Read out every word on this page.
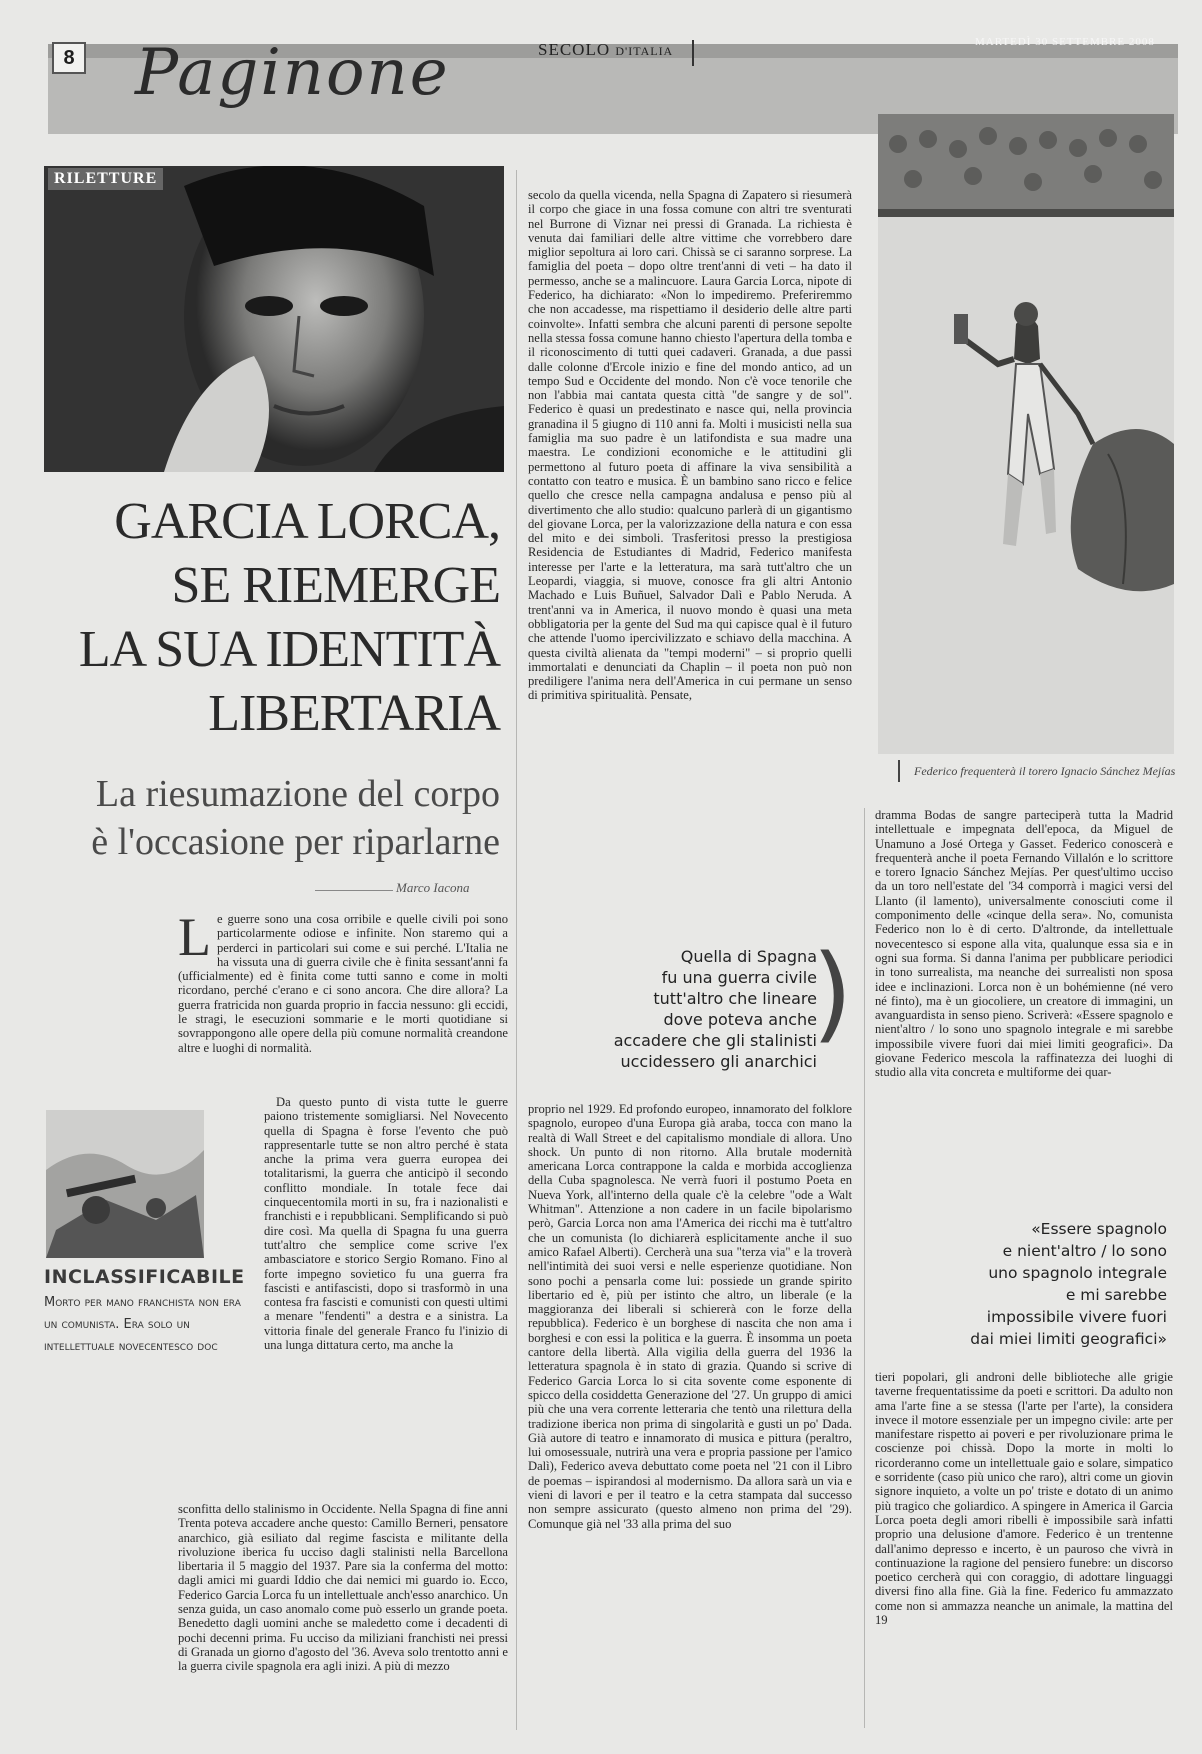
8 Paginone	SECOLO D'ITALIA
MARTEDÌ 30 SETTEMBRE 2008
RILETTURE
GARCIA LORCA,
SE RIEMERGE
LA SUA IDENTITÀ
LIBERTARIA
La riesumazione del corpo
è l'occasione per riparlarne
Marco Iacona

Le guerre sono una cosa orribile e quelle civili poi sono particolarmente odiose e infinite. Non staremo qui a perderci in particolari sui come e sui perché. L'Italia ne ha vissuta una di guerra civile che è finita sessant'anni fa (ufficialmente) ed è finita come tutti sanno e come in molti ricordano, perché c'erano e ci sono ancora. Che dire allora? La guerra fratricida non guarda proprio in faccia nessuno: gli eccidi, le stragi, le esecuzioni sommarie e le morti quotidiane si sovrappongono alle opere della più comune normalità creandone altre e luoghi di normalità.

Da questo punto di vista tutte le guerre paiono tristemente somigliarsi. Nel Novecento quella di Spagna è forse l'evento che può rappresentarle tutte se non altro perché è stata anche la prima vera guerra europea dei totalitarismi, la guerra che anticipò il secondo conflitto mondiale. In totale fece dai cinquecentomila morti in su, fra i nazionalisti e franchisti e i repubblicani. Semplificando si può dire così. Ma quella di Spagna fu una guerra tutt'altro che semplice come scrive l'ex ambasciatore e storico Sergio Romano. Fino al forte impegno sovietico fu una guerra fra fascisti e antifascisti, dopo si trasformò in una contesa fra fascisti e comunisti con questi ultimi a menare "fendenti" a destra e a sinistra. La vittoria finale del generale Franco fu l'inizio di una lunga dittatura certo, ma anche la

sconfitta dello stalinismo in Occidente. Nella Spagna di fine anni Trenta poteva accadere anche questo: Camillo Berneri, pensatore anarchico, già esiliato dal regime fascista e militante della rivoluzione iberica fu ucciso dagli stalinisti nella Barcellona libertaria il 5 maggio del 1937. Pare sia la conferma del motto: dagli amici mi guardi Iddio che dai nemici mi guardo io. Ecco, Federico Garcia Lorca fu un intellettuale anch'esso anarchico. Un senza guida, un caso anomalo come può esserlo un grande poeta. Benedetto dagli uomini anche se maledetto come i decadenti di pochi decenni prima. Fu ucciso da miliziani franchisti nei pressi di Granada un giorno d'agosto del '36. Aveva solo trentotto anni e la guerra civile spagnola era agli inizi. A più di mezzo

INCLASSIFICABILE
Morto per mano franchista non era un comunista. Era solo un intellettuale novecentesco doc

secolo da quella vicenda, nella Spagna di Zapatero si riesumerà il corpo che giace in una fossa comune con altri tre sventurati nel Burrone di Viznar nei pressi di Granada. La richiesta è venuta dai familiari delle altre vittime che vorrebbero dare miglior sepoltura ai loro cari. Chissà se ci saranno sorprese. La famiglia del poeta – dopo oltre trent'anni di veti – ha dato il permesso, anche se a malincuore. Laura Garcia Lorca, nipote di Federico, ha dichiarato: «Non lo impediremo. Preferiremmo che non accadesse, ma rispettiamo il desiderio delle altre parti coinvolte». Infatti sembra che alcuni parenti di persone sepolte nella stessa fossa comune hanno chiesto l'apertura della tomba e il riconoscimento di tutti quei cadaveri. Granada, a due passi dalle colonne d'Ercole inizio e fine del mondo antico, ad un tempo Sud e Occidente del mondo. Non c'è voce tenorile che non l'abbia mai cantata questa città "de sangre y de sol". Federico è quasi un predestinato e nasce qui, nella provincia granadina il 5 giugno di 110 anni fa. Molti i musicisti nella sua famiglia ma suo padre è un latifondista e sua madre una maestra. Le condizioni economiche e le attitudini gli permettono al futuro poeta di affinare la viva sensibilità a contatto con teatro e musica. È un bambino sano ricco e felice quello che cresce nella campagna andalusa e penso più al divertimento che allo studio: qualcuno parlerà di un gigantismo del giovane Lorca, per la valorizzazione della natura e con essa del mito e dei simboli. Trasferitosi presso la prestigiosa Residencia de Estudiantes di Madrid, Federico manifesta interesse per l'arte e la letteratura, ma sarà tutt'altro che un Leopardi, viaggia, si muove, conosce fra gli altri Antonio Machado e Luis Buñuel, Salvador Dalì e Pablo Neruda. A trent'anni va in America, il nuovo mondo è quasi una meta obbligatoria per la gente del Sud ma qui capisce qual è il futuro che attende l'uomo ipercivilizzato e schiavo della macchina. A questa civiltà alienata da "tempi moderni" – si proprio quelli immortalati e denunciati da Chaplin – il poeta non può non prediligere l'anima nera dell'America in cui permane un senso di primitiva spiritualità. Pensate,

Quella di Spagna
fu una guerra civile
tutt'altro che lineare
dove poteva anche
accadere che gli stalinisti
uccidessero gli anarchici
)

proprio nel 1929. Ed profondo europeo, innamorato del folklore spagnolo, europeo d'una Europa già araba, tocca con mano la realtà di Wall Street e del capitalismo mondiale di allora. Uno shock. Un punto di non ritorno. Alla brutale modernità americana Lorca contrappone la calda e morbida accoglienza della Cuba spagnolesca. Ne verrà fuori il postumo Poeta en Nueva York, all'interno della quale c'è la celebre "ode a Walt Whitman". Attenzione a non cadere in un facile bipolarismo però, Garcia Lorca non ama l'America dei ricchi ma è tutt'altro che un comunista (lo dichiarerà esplicitamente anche il suo amico Rafael Alberti). Cercherà una sua "terza via" e la troverà nell'intimità dei suoi versi e nelle esperienze quotidiane. Non sono pochi a pensarla come lui: possiede un grande spirito libertario ed è, più per istinto che altro, un liberale (e la maggioranza dei liberali si schiererà con le forze della repubblica). Federico è un borghese di nascita che non ama i borghesi e con essi la politica e la guerra. È insomma un poeta cantore della libertà. Alla vigilia della guerra del 1936 la letteratura spagnola è in stato di grazia. Quando si scrive di Federico Garcia Lorca lo si cita sovente come esponente di spicco della cosiddetta Generazione del '27. Un gruppo di amici più che una vera corrente letteraria che tentò una rilettura della tradizione iberica non prima di singolarità e gusti un po' Dada. Già autore di teatro e innamorato di musica e pittura (peraltro, lui omosessuale, nutrirà una vera e propria passione per l'amico Dalì), Federico aveva debuttato come poeta nel '21 con il Libro de poemas – ispirandosi al modernismo. Da allora sarà un via e vieni di lavori e per il teatro e la cetra stampata dal successo non sempre assicurato (questo almeno non prima del '29). Comunque già nel '33 alla prima del suo

Federico frequenterà il torero Ignacio Sánchez Mejías

dramma Bodas de sangre parteciperà tutta la Madrid intellettuale e impegnata dell'epoca, da Miguel de Unamuno a José Ortega y Gasset. Federico conoscerà e frequenterà anche il poeta Fernando Villalón e lo scrittore e torero Ignacio Sánchez Mejías. Per quest'ultimo ucciso da un toro nell'estate del '34 comporrà i magici versi del Llanto (il lamento), universalmente conosciuti come il componimento delle «cinque della sera». No, comunista Federico non lo è di certo. D'altronde, da intellettuale novecentesco si espone alla vita, qualunque essa sia e in ogni sua forma. Si danna l'anima per pubblicare periodici in tono surrealista, ma neanche dei surrealisti non sposa idee e inclinazioni. Lorca non è un bohémienne (né vero né finto), ma è un giocoliere, un creatore di immagini, un avanguardista in senso pieno. Scriverà: «Essere spagnolo e nient'altro / lo sono uno spagnolo integrale e mi sarebbe impossibile vivere fuori dai miei limiti geografici». Da giovane Federico mescola la raffinatezza dei luoghi di studio alla vita concreta e multiforme dei quar-

«Essere spagnolo
e nient'altro / lo sono
uno spagnolo integrale
e mi sarebbe
impossibile vivere fuori
dai miei limiti geografici»

tieri popolari, gli androni delle biblioteche alle grigie taverne frequentatissime da poeti e scrittori. Da adulto non ama l'arte fine a se stessa (l'arte per l'arte), la considera invece il motore essenziale per un impegno civile: arte per manifestare rispetto ai poveri e per rivoluzionare prima le coscienze poi chissà. Dopo la morte in molti lo ricorderanno come un intellettuale gaio e solare, simpatico e sorridente (caso più unico che raro), altri come un giovin signore inquieto, a volte un po' triste e dotato di un animo più tragico che goliardico. A spingere in America il Garcia Lorca poeta degli amori ribelli è impossibile sarà infatti proprio una delusione d'amore. Federico è un trentenne dall'animo depresso e incerto, è un pauroso che vivrà in continuazione la ragione del pensiero funebre: un discorso poetico cercherà qui con coraggio, di adottare linguaggi diversi fino alla fine. Già la fine. Federico fu ammazzato come non si ammazza neanche un animale, la mattina del 19
